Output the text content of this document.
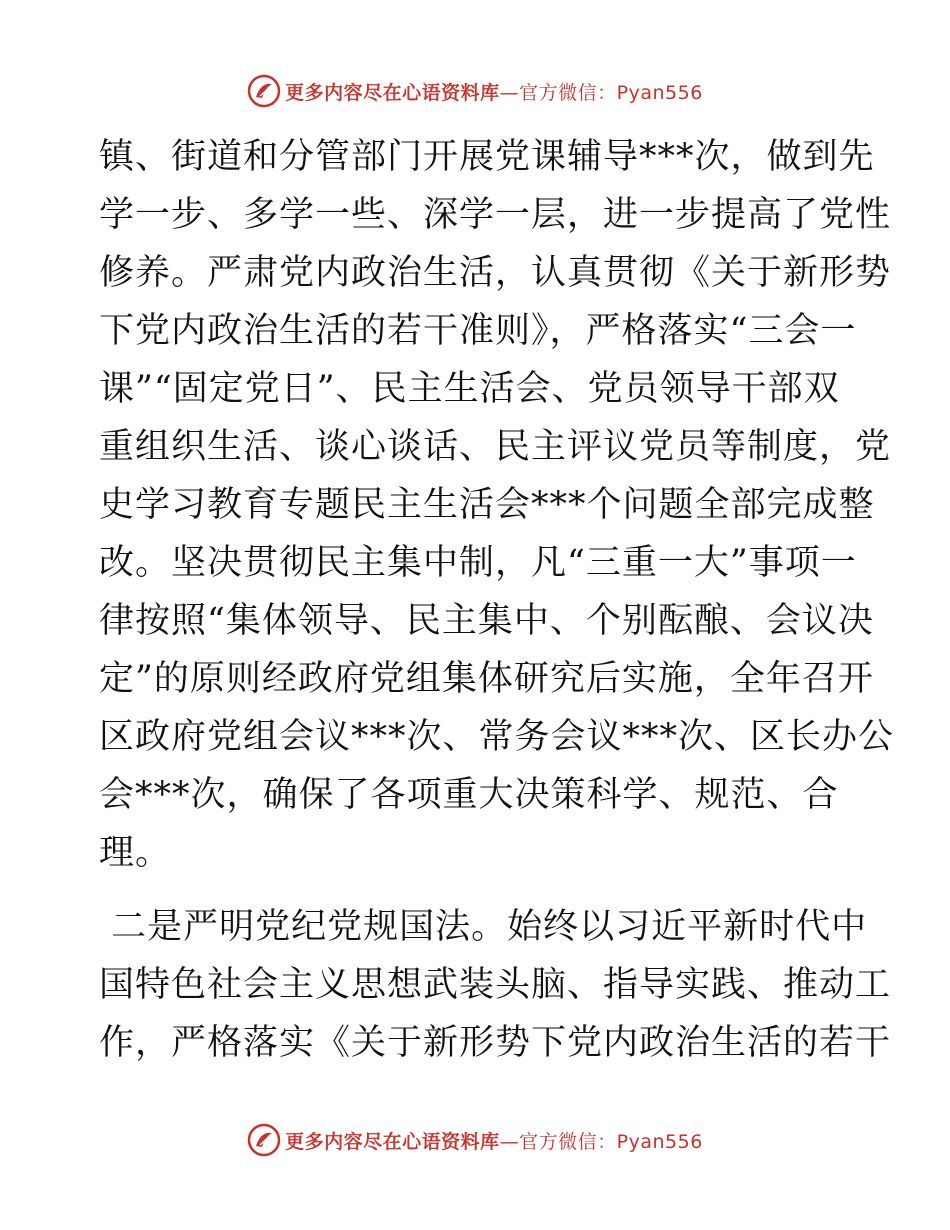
更多内容尽在心语资料库—官方微信：Pyan556
镇、街道和分管部门开展党课辅导***次，做到先
学一步、多学一些、深学一层，进一步提高了党性
修养。严肃党内政治生活，认真贯彻《关于新形势
下党内政治生活的若干准则》，严格落实“三会一
课”“固定党日”、民主生活会、党员领导干部双
重组织生活、谈心谈话、民主评议党员等制度，党
史学习教育专题民主生活会***个问题全部完成整
改。坚决贯彻民主集中制，凡“三重一大”事项一
律按照“集体领导、民主集中、个别酝酿、会议决
定”的原则经政府党组集体研究后实施，全年召开
区政府党组会议***次、常务会议***次、区长办公
会***次，确保了各项重大决策科学、规范、合
理。
二是严明党纪党规国法。始终以习近平新时代中
国特色社会主义思想武装头脑、指导实践、推动工
作，严格落实《关于新形势下党内政治生活的若干
更多内容尽在心语资料库—官方微信：Pyan556
